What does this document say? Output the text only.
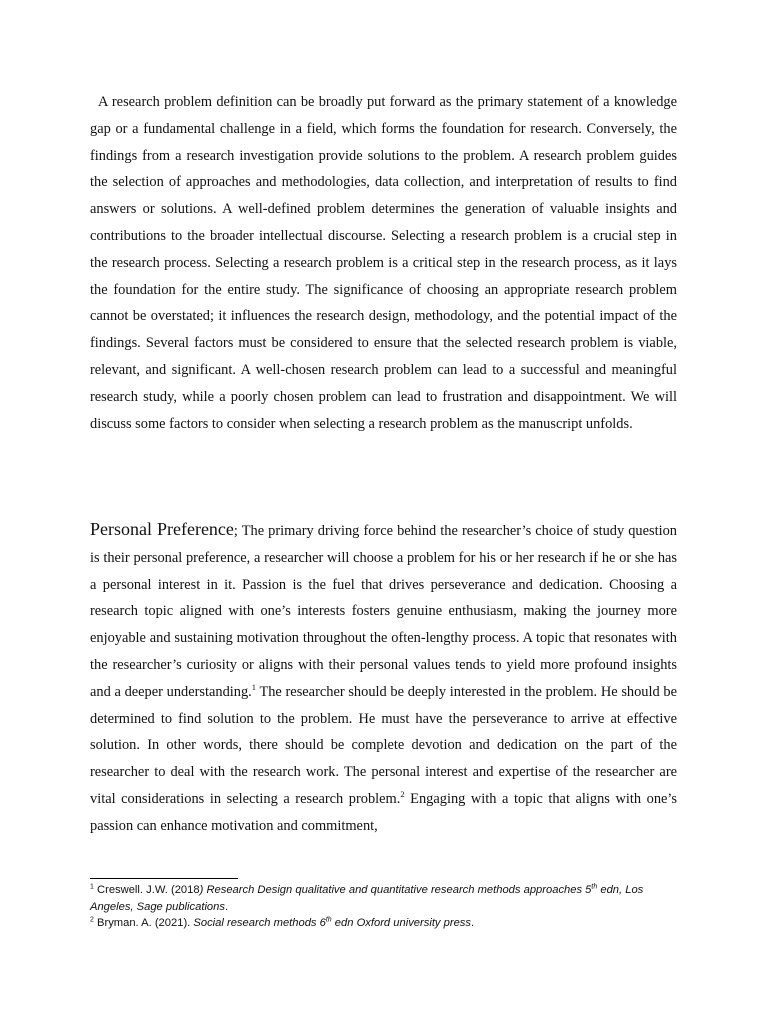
A research problem definition can be broadly put forward as the primary statement of a knowledge gap or a fundamental challenge in a field, which forms the foundation for research. Conversely, the findings from a research investigation provide solutions to the problem. A research problem guides the selection of approaches and methodologies, data collection, and interpretation of results to find answers or solutions. A well-defined problem determines the generation of valuable insights and contributions to the broader intellectual discourse. Selecting a research problem is a crucial step in the research process. Selecting a research problem is a critical step in the research process, as it lays the foundation for the entire study. The significance of choosing an appropriate research problem cannot be overstated; it influences the research design, methodology, and the potential impact of the findings. Several factors must be considered to ensure that the selected research problem is viable, relevant, and significant. A well-chosen research problem can lead to a successful and meaningful research study, while a poorly chosen problem can lead to frustration and disappointment. We will discuss some factors to consider when selecting a research problem as the manuscript unfolds.

Personal Preference; The primary driving force behind the researcher’s choice of study question is their personal preference, a researcher will choose a problem for his or her research if he or she has a personal interest in it. Passion is the fuel that drives perseverance and dedication. Choosing a research topic aligned with one’s interests fosters genuine enthusiasm, making the journey more enjoyable and sustaining motivation throughout the often-lengthy process. A topic that resonates with the researcher’s curiosity or aligns with their personal values tends to yield more profound insights and a deeper understanding.$^1$ The researcher should be deeply interested in the problem. He should be determined to find solution to the problem. He must have the perseverance to arrive at effective solution. In other words, there should be complete devotion and dedication on the part of the researcher to deal with the research work. The personal interest and expertise of the researcher are vital considerations in selecting a research problem.$^2$ Engaging with a topic that aligns with one’s passion can enhance motivation and commitment,

$^1$ Creswell. J.W. (2018) Research Design qualitative and quantitative research methods approaches 5th edn, Los Angeles, Sage publications.

$^2$ Bryman. A. (2021). Social research methods 6th edn Oxford university press.
